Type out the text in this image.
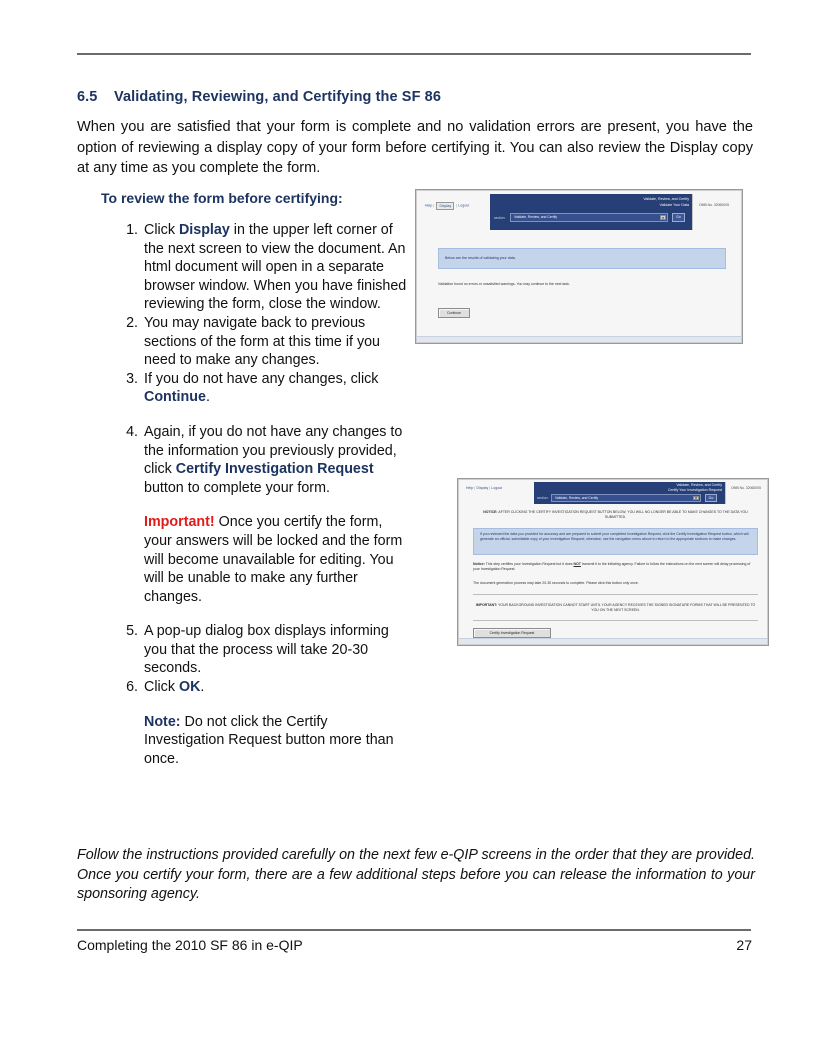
6.5 Validating, Reviewing, and Certifying the SF 86
When you are satisfied that your form is complete and no validation errors are present, you have the option of reviewing a display copy of your form before certifying it. You can also review the Display copy at any time as you complete the form.
To review the form before certifying:
1. Click Display in the upper left corner of the next screen to view the document. An html document will open in a separate browser window. When you have finished reviewing the form, close the window.
2. You may navigate back to previous sections of the form at this time if you need to make any changes.
3. If you do not have any changes, click Continue.
4. Again, if you do not have any changes to the information you previously provided, click Certify Investigation Request button to complete your form.
Important! Once you certify the form, your answers will be locked and the form will become unavailable for editing. You will be unable to make any further changes.
5. A pop-up dialog box displays informing you that the process will take 20-30 seconds.
6. Click OK.
Note: Do not click the Certify Investigation Request button more than once.
Follow the instructions provided carefully on the next few e-QIP screens in the order that they are provided. Once you certify your form, there are a few additional steps before you can release the information to your sponsoring agency.
Completing the 2010 SF 86 in e-QIP	27
Help | Display | Logout
Validate, Review, and Certify
Validate Your Data
section:	Validate, Review, and Certify	Go
OMB No. 32060005
Below are the results of validating your data.
Validation found no errors or unsatisfied warnings. You may continue to the next task.
Continue
Help | Display | Logout
Validate, Review, and Certify
Certify Your Investigation Request
section: Validate, Review, and Certify	Go
OMB No. 32060005
NOTICE: AFTER CLICKING THE CERTIFY INVESTIGATION REQUEST BUTTON BELOW, YOU WILL NO LONGER BE ABLE TO MAKE CHANGES TO THE DATA YOU SUBMITTED.
If you reviewed the data you provided for accuracy and are prepared to submit your completed Investigation Request, click the Certify Investigation Request button, which will generate an official, submittable copy of your Investigation Request; otherwise, use the navigation menu above to return to the appropriate sections to make changes.
Notice: This step certifies your Investigation Request but it does NOT transmit it to the initiating agency. Failure to follow the instructions on the next screen will delay processing of your Investigation Request.
The document generation process may take 20-30 seconds to complete. Please click this button only once.
IMPORTANT: YOUR BACKGROUND INVESTIGATION CANNOT START UNTIL YOUR AGENCY RECEIVES THE SIGNED SIGNATURE FORMS THAT WILL BE PRESENTED TO YOU ON THE NEXT SCREEN.
Certify Investigation Request
